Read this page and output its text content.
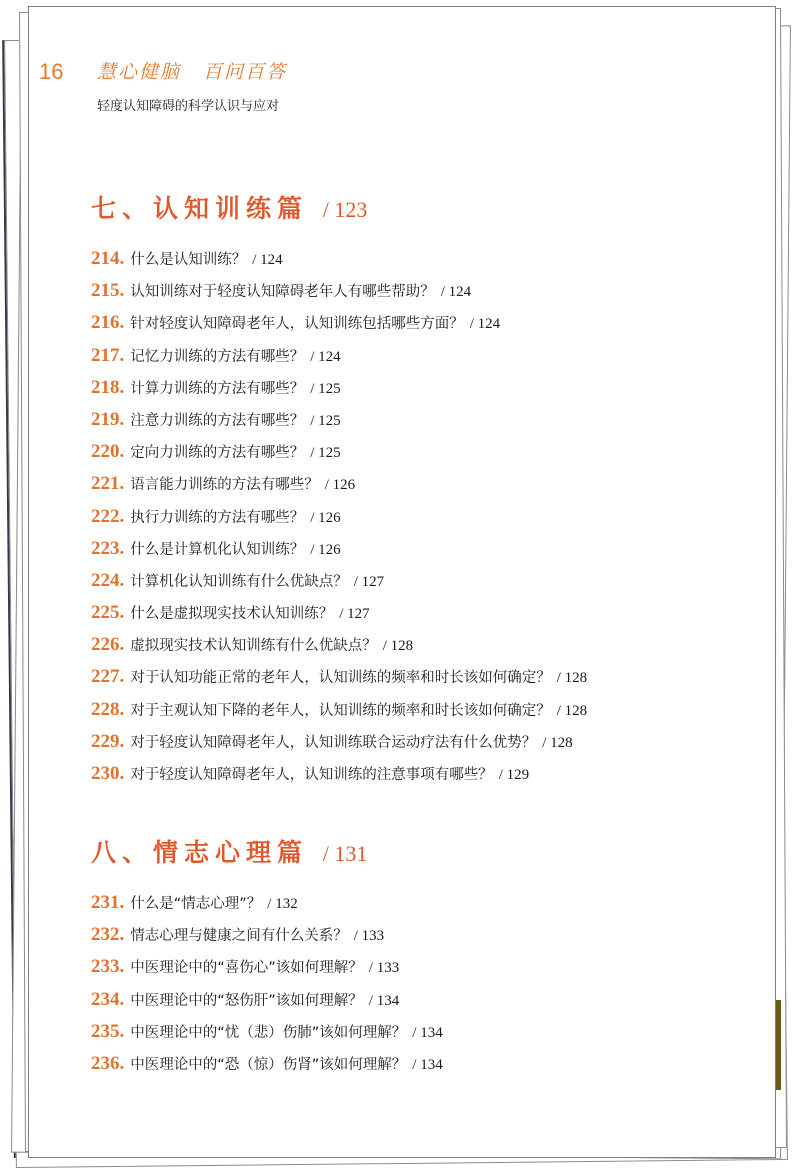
16 慧心健脑 百问百答
轻度认知障碍的科学认识与应对
七、认知训练篇 / 123
214. 什么是认知训练？ / 124
215. 认知训练对于轻度认知障碍老年人有哪些帮助？ / 124
216. 针对轻度认知障碍老年人，认知训练包括哪些方面？ / 124
217. 记忆力训练的方法有哪些？ / 124
218. 计算力训练的方法有哪些？ / 125
219. 注意力训练的方法有哪些？ / 125
220. 定向力训练的方法有哪些？ / 125
221. 语言能力训练的方法有哪些？ / 126
222. 执行力训练的方法有哪些？ / 126
223. 什么是计算机化认知训练？ / 126
224. 计算机化认知训练有什么优缺点？ / 127
225. 什么是虚拟现实技术认知训练？ / 127
226. 虚拟现实技术认知训练有什么优缺点？ / 128
227. 对于认知功能正常的老年人，认知训练的频率和时长该如何确定？ / 128
228. 对于主观认知下降的老年人，认知训练的频率和时长该如何确定？ / 128
229. 对于轻度认知障碍老年人，认知训练联合运动疗法有什么优势？ / 128
230. 对于轻度认知障碍老年人，认知训练的注意事项有哪些？ / 129
八、情志心理篇 / 131
231. 什么是“情志心理”？ / 132
232. 情志心理与健康之间有什么关系？ / 133
233. 中医理论中的“喜伤心”该如何理解？ / 133
234. 中医理论中的“怒伤肝”该如何理解？ / 134
235. 中医理论中的“忧（悲）伤肺”该如何理解？ / 134
236. 中医理论中的“恐（惊）伤肾”该如何理解？ / 134
